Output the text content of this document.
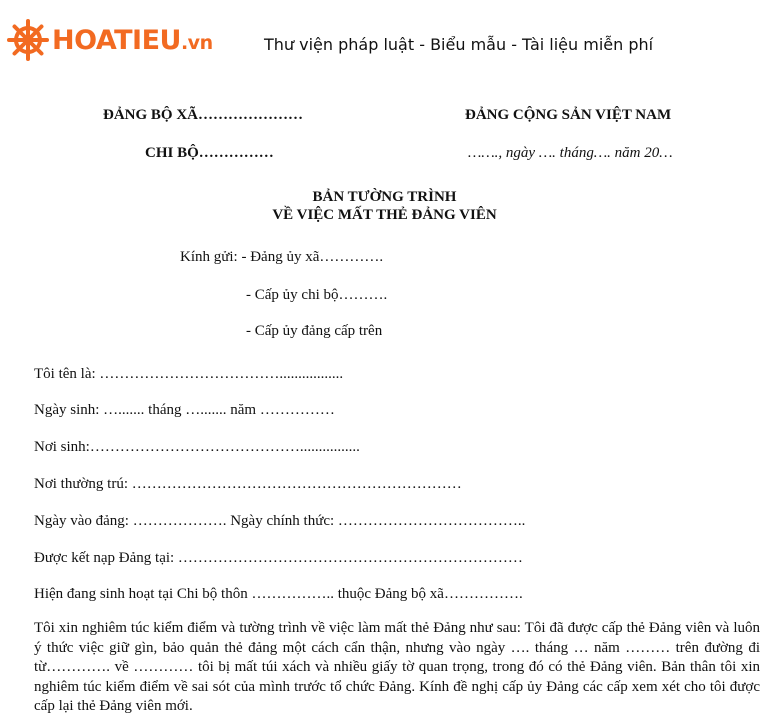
HOATIEU.vn	Thư viện pháp luật - Biểu mẫu - Tài liệu miễn phí
ĐẢNG BỘ XÃ…………………	ĐẢNG CỘNG SẢN VIỆT NAM
CHI BỘ……………	……., ngày …. tháng…. năm 20…
BẢN TƯỜNG TRÌNH
VỀ VIỆC MẤT THẺ ĐẢNG VIÊN
Kính gửi: - Đảng ủy xã………….
- Cấp ủy chi bộ……….
- Cấp ủy đảng cấp trên
Tôi tên là: ……………………………….................
Ngày sinh: …....... tháng …....... năm ……………
Nơi sinh:……………………………………................
Nơi thường trú: …………………………………………………………
Ngày vào đảng: ………………. Ngày chính thức: ………………………………..
Được kết nạp Đảng tại: ……………………………………………………………
Hiện đang sinh hoạt tại Chi bộ thôn …………….. thuộc Đảng bộ xã…………….
Tôi xin nghiêm túc kiểm điểm và tường trình về việc làm mất thẻ Đảng như sau: Tôi đã được cấp thẻ Đảng viên và luôn ý thức việc giữ gìn, bảo quản thẻ đảng một cách cẩn thận, nhưng vào ngày …. tháng … năm ……… trên đường đi từ…………. về ………… tôi bị mất túi xách và nhiều giấy tờ quan trọng, trong đó có thẻ Đảng viên. Bản thân tôi xin nghiêm túc kiểm điểm về sai sót của mình trước tổ chức Đảng. Kính đề nghị cấp ủy Đảng các cấp xem xét cho tôi được cấp lại thẻ Đảng viên mới.
